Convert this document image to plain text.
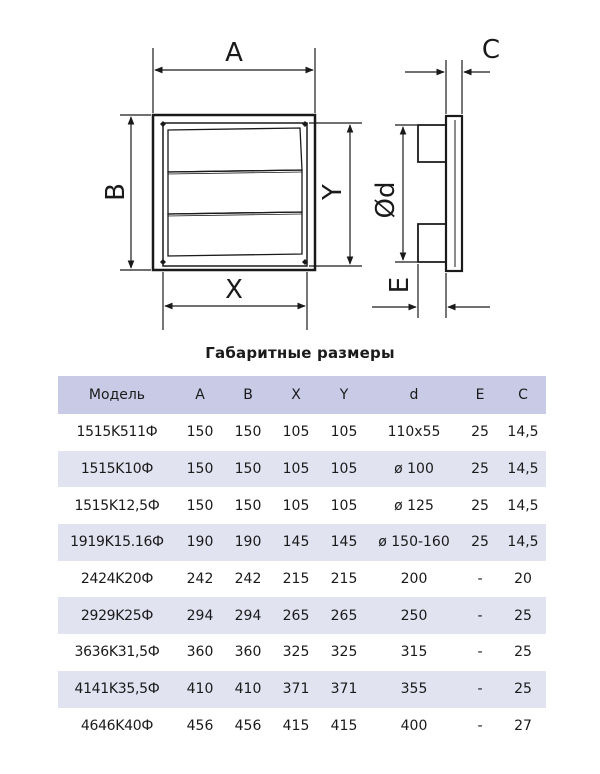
A
B
X
Y
C
Ød
E
Габаритные размеры
Модель	A	B	X	Y	d	E	C
1515K511Ф	150	150	105	105	110x55	25	14,5
1515K10Ф	150	150	105	105	ø 100	25	14,5
1515K12,5Ф	150	150	105	105	ø 125	25	14,5
1919K15.16Ф	190	190	145	145	ø 150-160	25	14,5
2424K20Ф	242	242	215	215	200	-	20
2929K25Ф	294	294	265	265	250	-	25
3636K31,5Ф	360	360	325	325	315	-	25
4141K35,5Ф	410	410	371	371	355	-	25
4646K40Ф	456	456	415	415	400	-	27
